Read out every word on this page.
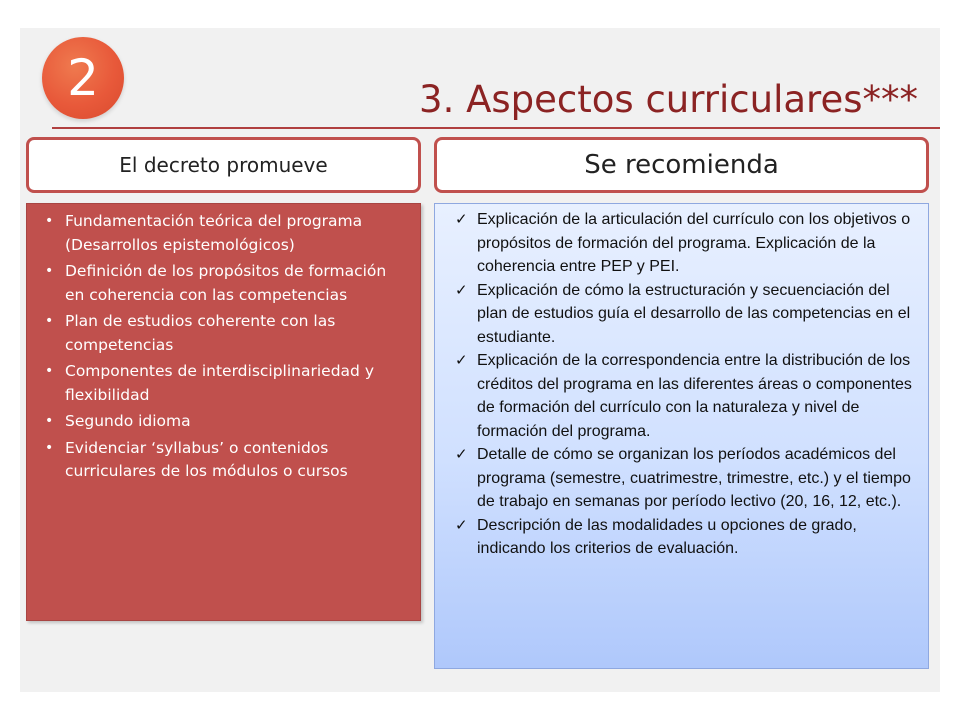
2	3. Aspectos curriculares***
El decreto promueve	Se recomienda
• Fundamentación teórica del programa (Desarrollos epistemológicos)
• Definición de los propósitos de formación en coherencia con las competencias
• Plan de estudios coherente con las competencias
• Componentes de interdisciplinariedad y flexibilidad
• Segundo idioma
• Evidenciar ‘syllabus’ o contenidos curriculares de los módulos o cursos
✓ Explicación de la articulación del currículo con los objetivos o propósitos de formación del programa. Explicación de la coherencia entre PEP y PEI.
✓ Explicación de cómo la estructuración y secuenciación del plan de estudios guía el desarrollo de las competencias en el estudiante.
✓ Explicación de la correspondencia entre la distribución de los créditos del programa en las diferentes áreas o componentes de formación del currículo con la naturaleza y nivel de formación del programa.
✓ Detalle de cómo se organizan los períodos académicos del programa (semestre, cuatrimestre, trimestre, etc.) y el tiempo de trabajo en semanas por período lectivo (20, 16, 12, etc.).
✓ Descripción de las modalidades u opciones de grado, indicando los criterios de evaluación.
